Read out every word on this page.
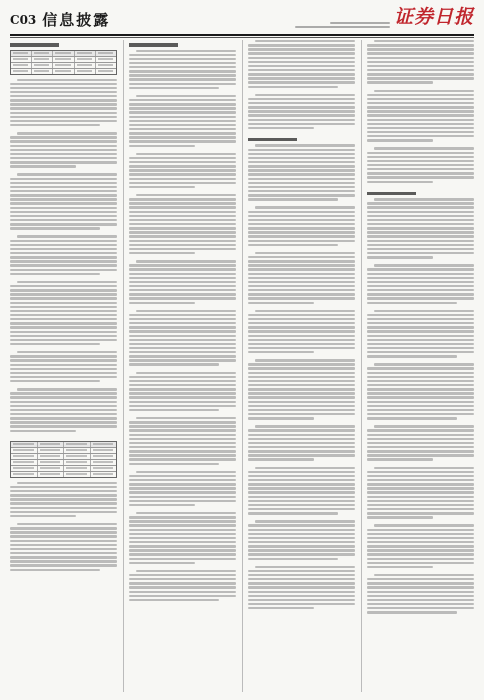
C03 信息披露	证券日报
